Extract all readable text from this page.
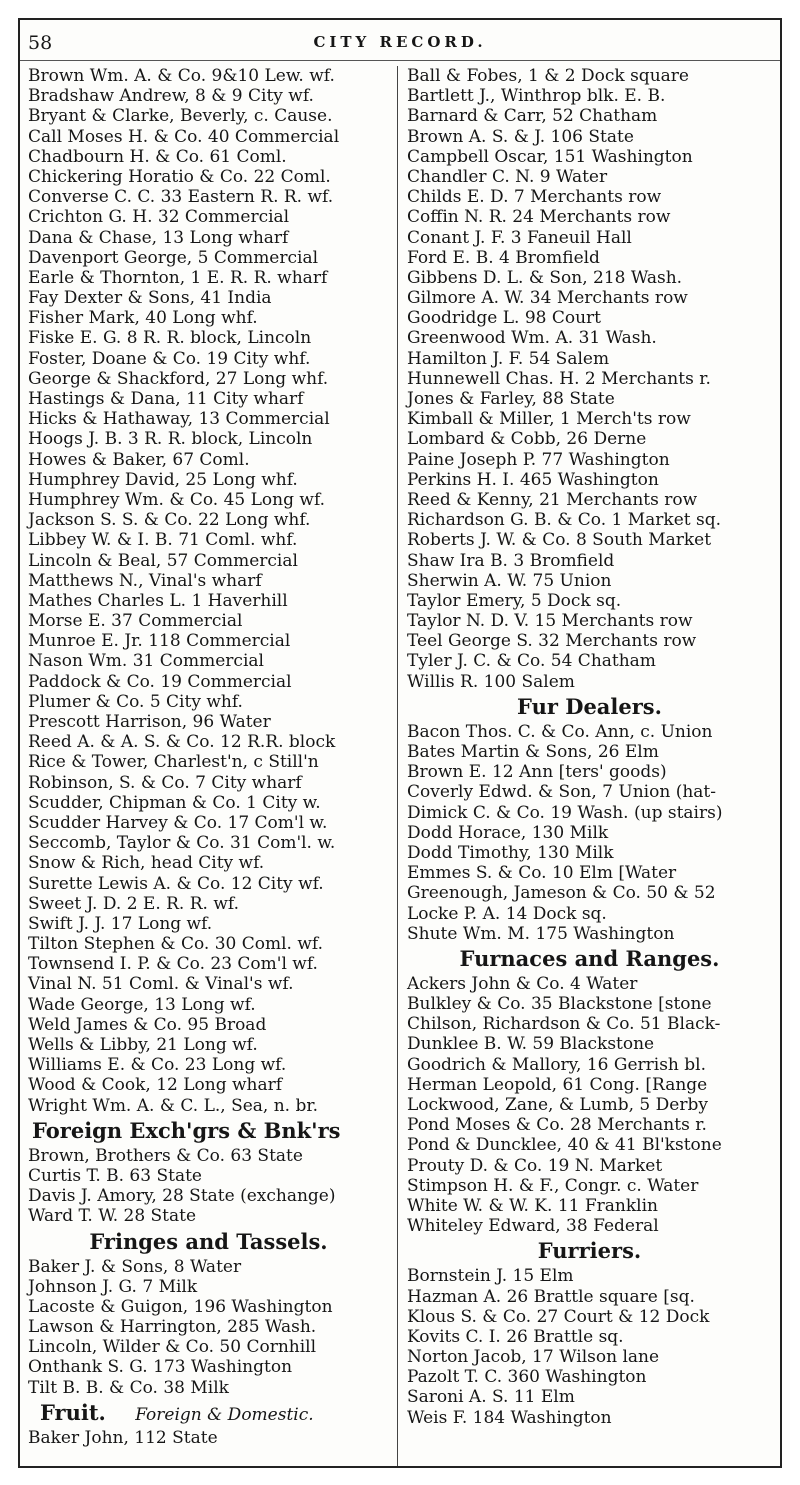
58	CITY RECORD.
Brown Wm. A. & Co. 9&10 Lew. wf.
Bradshaw Andrew, 8 & 9 City wf.
Bryant & Clarke, Beverly, c. Cause.
Call Moses H. & Co. 40 Commercial
Chadbourn H. & Co. 61 Coml.
Chickering Horatio & Co. 22 Coml.
Converse C. C. 33 Eastern R. R. wf.
Crichton G. H. 32 Commercial
Dana & Chase, 13 Long wharf
Davenport George, 5 Commercial
Earle & Thornton, 1 E. R. R. wharf
Fay Dexter & Sons, 41 India
Fisher Mark, 40 Long whf.
Fiske E. G. 8 R. R. block, Lincoln
Foster, Doane & Co. 19 City whf.
George & Shackford, 27 Long whf.
Hastings & Dana, 11 City wharf
Hicks & Hathaway, 13 Commercial
Hoogs J. B. 3 R. R. block, Lincoln
Howes & Baker, 67 Coml.
Humphrey David, 25 Long whf.
Humphrey Wm. & Co. 45 Long wf.
Jackson S. S. & Co. 22 Long whf.
Libbey W. & I. B. 71 Coml. whf.
Lincoln & Beal, 57 Commercial
Matthews N., Vinal's wharf
Mathes Charles L. 1 Haverhill
Morse E. 37 Commercial
Munroe E. Jr. 118 Commercial
Nason Wm. 31 Commercial
Paddock & Co. 19 Commercial
Plumer & Co. 5 City whf.
Prescott Harrison, 96 Water
Reed A. & A. S. & Co. 12 R.R. block
Rice & Tower, Charlest'n, c Still'n
Robinson, S. & Co. 7 City wharf
Scudder, Chipman & Co. 1 City w.
Scudder Harvey & Co. 17 Com'l w.
Seccomb, Taylor & Co. 31 Com'l. w.
Snow & Rich, head City wf.
Surette Lewis A. & Co. 12 City wf.
Sweet J. D. 2 E. R. R. wf.
Swift J. J. 17 Long wf.
Tilton Stephen & Co. 30 Coml. wf.
Townsend I. P. & Co. 23 Com'l wf.
Vinal N. 51 Coml. & Vinal's wf.
Wade George, 13 Long wf.
Weld James & Co. 95 Broad
Wells & Libby, 21 Long wf.
Williams E. & Co. 23 Long wf.
Wood & Cook, 12 Long wharf
Wright Wm. A. & C. L., Sea, n. br.
Foreign Exch'grs & Bnk'rs
Brown, Brothers & Co. 63 State
Curtis T. B. 63 State
Davis J. Amory, 28 State (exchange)
Ward T. W. 28 State
Fringes and Tassels.
Baker J. & Sons, 8 Water
Johnson J. G. 7 Milk
Lacoste & Guigon, 196 Washington
Lawson & Harrington, 285 Wash.
Lincoln, Wilder & Co. 50 Cornhill
Onthank S. G. 173 Washington
Tilt B. B. & Co. 38 Milk
Fruit. Foreign & Domestic.
Baker John, 112 State
Ball & Fobes, 1 & 2 Dock square
Bartlett J., Winthrop blk. E. B.
Barnard & Carr, 52 Chatham
Brown A. S. & J. 106 State
Campbell Oscar, 151 Washington
Chandler C. N. 9 Water
Childs E. D. 7 Merchants row
Coffin N. R. 24 Merchants row
Conant J. F. 3 Faneuil Hall
Ford E. B. 4 Bromfield
Gibbens D. L. & Son, 218 Wash.
Gilmore A. W. 34 Merchants row
Goodridge L. 98 Court
Greenwood Wm. A. 31 Wash.
Hamilton J. F. 54 Salem
Hunnewell Chas. H. 2 Merchants r.
Jones & Farley, 88 State
Kimball & Miller, 1 Merch'ts row
Lombard & Cobb, 26 Derne
Paine Joseph P. 77 Washington
Perkins H. I. 465 Washington
Reed & Kenny, 21 Merchants row
Richardson G. B. & Co. 1 Market sq.
Roberts J. W. & Co. 8 South Market
Shaw Ira B. 3 Bromfield
Sherwin A. W. 75 Union
Taylor Emery, 5 Dock sq.
Taylor N. D. V. 15 Merchants row
Teel George S. 32 Merchants row
Tyler J. C. & Co. 54 Chatham
Willis R. 100 Salem
Fur Dealers.
Bacon Thos. C. & Co. Ann, c. Union
Bates Martin & Sons, 26 Elm
Brown E. 12 Ann [ters' goods)
Coverly Edwd. & Son, 7 Union (hat-
Dimick C. & Co. 19 Wash. (up stairs)
Dodd Horace, 130 Milk
Dodd Timothy, 130 Milk
Emmes S. & Co. 10 Elm [Water
Greenough, Jameson & Co. 50 & 52
Locke P. A. 14 Dock sq.
Shute Wm. M. 175 Washington
Furnaces and Ranges.
Ackers John & Co. 4 Water
Bulkley & Co. 35 Blackstone [stone
Chilson, Richardson & Co. 51 Black-
Dunklee B. W. 59 Blackstone
Goodrich & Mallory, 16 Gerrish bl.
Herman Leopold, 61 Cong. [Range
Lockwood, Zane, & Lumb, 5 Derby
Pond Moses & Co. 28 Merchants r.
Pond & Duncklee, 40 & 41 Bl'kstone
Prouty D. & Co. 19 N. Market
Stimpson H. & F., Congr. c. Water
White W. & W. K. 11 Franklin
Whiteley Edward, 38 Federal
Furriers.
Bornstein J. 15 Elm
Hazman A. 26 Brattle square [sq.
Klous S. & Co. 27 Court & 12 Dock
Kovits C. I. 26 Brattle sq.
Norton Jacob, 17 Wilson lane
Pazolt T. C. 360 Washington
Saroni A. S. 11 Elm
Weis F. 184 Washington
